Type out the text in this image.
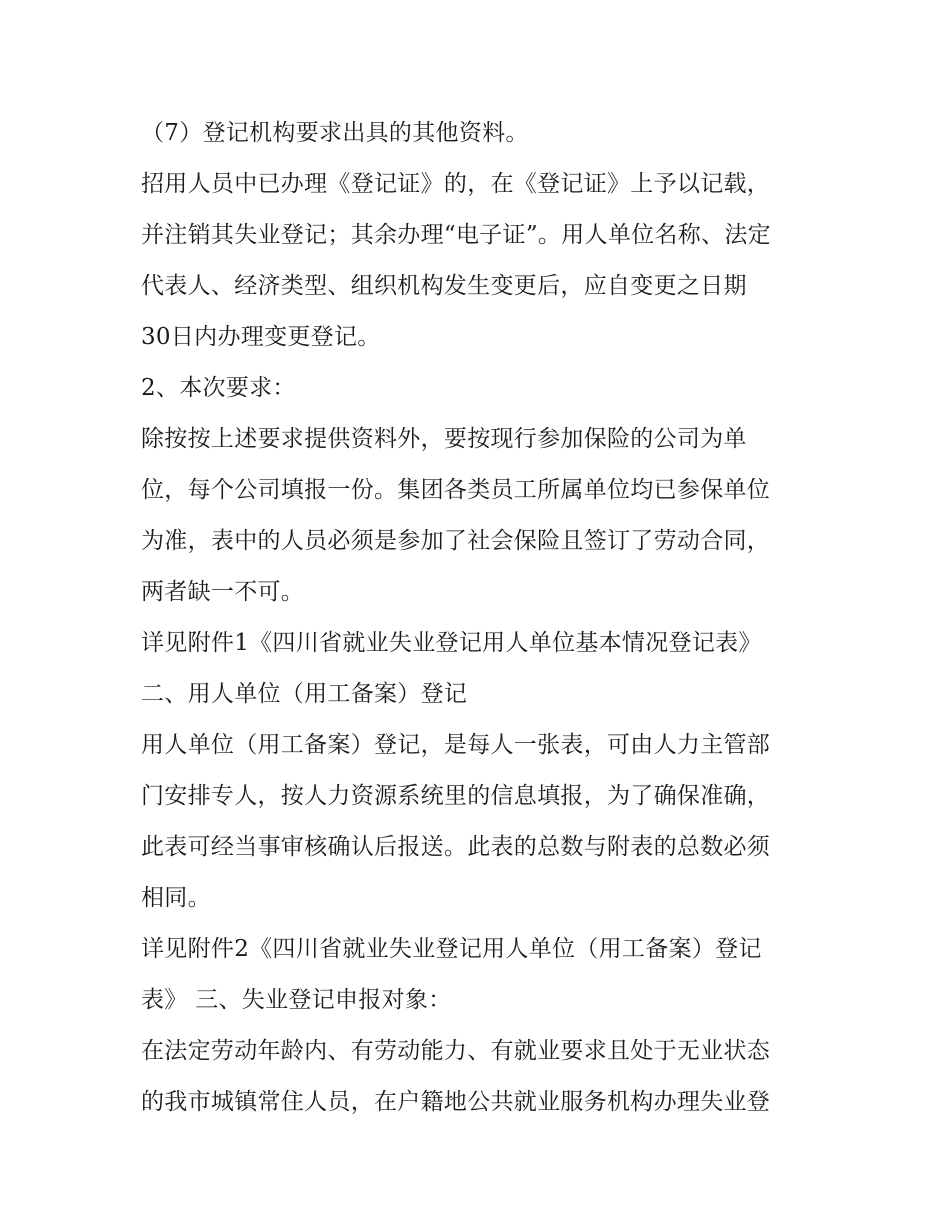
（7）登记机构要求出具的其他资料。
招用人员中已办理《登记证》的，在《登记证》上予以记载，
并注销其失业登记；其余办理“电子证”。用人单位名称、法定
代表人、经济类型、组织机构发生变更后，应自变更之日期
30日内办理变更登记。
2、本次要求：
除按按上述要求提供资料外，要按现行参加保险的公司为单
位，每个公司填报一份。集团各类员工所属单位均已参保单位
为准，表中的人员必须是参加了社会保险且签订了劳动合同，
两者缺一不可。
详见附件1《四川省就业失业登记用人单位基本情况登记表》
二、用人单位（用工备案）登记
用人单位（用工备案）登记，是每人一张表，可由人力主管部
门安排专人，按人力资源系统里的信息填报，为了确保准确，
此表可经当事审核确认后报送。此表的总数与附表的总数必须
相同。
详见附件2《四川省就业失业登记用人单位（用工备案）登记
表》 三、失业登记申报对象：
在法定劳动年龄内、有劳动能力、有就业要求且处于无业状态
的我市城镇常住人员，在户籍地公共就业服务机构办理失业登
